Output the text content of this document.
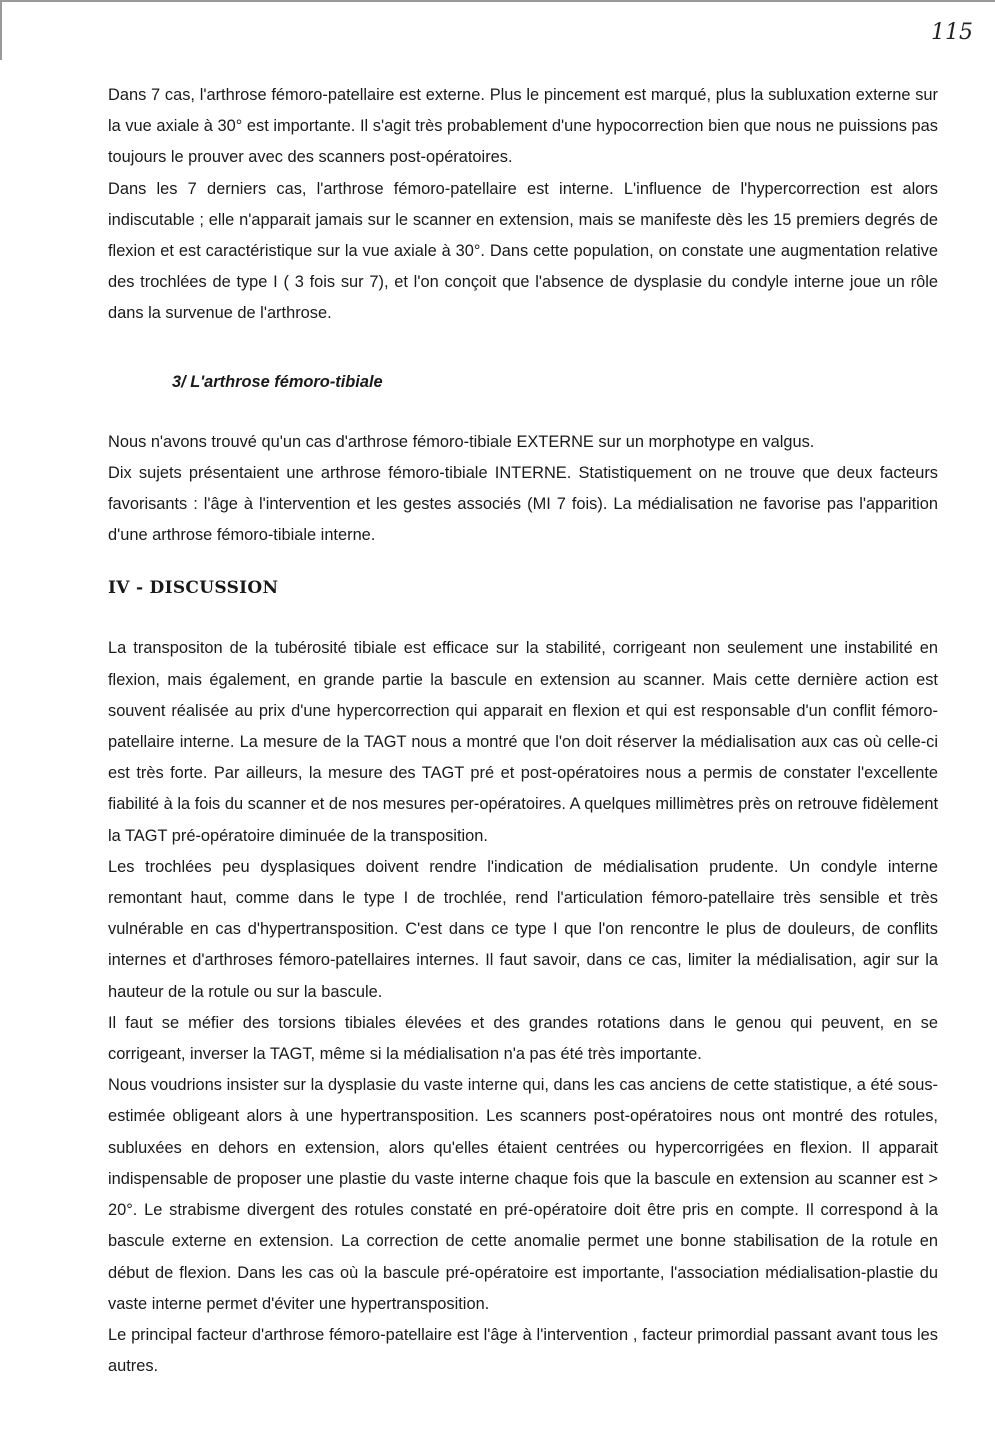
115

Dans 7 cas, l'arthrose fémoro-patellaire est externe. Plus le pincement est marqué, plus la subluxation externe sur la vue axiale à 30° est importante. Il s'agit très probablement d'une hypocorrection bien que nous ne puissions pas toujours le prouver avec des scanners post-opératoires.

Dans les 7 derniers cas, l'arthrose fémoro-patellaire est interne. L'influence de l'hypercorrection est alors indiscutable ; elle n'apparait jamais sur le scanner en extension, mais se manifeste dès les 15 premiers degrés de flexion et est caractéristique sur la vue axiale à 30°. Dans cette population, on constate une augmentation relative des trochlées de type I ( 3 fois sur 7), et l'on conçoit que l'absence de dysplasie du condyle interne joue un rôle dans la survenue de l'arthrose.

3/ L'arthrose fémoro-tibiale

Nous n'avons trouvé qu'un cas d'arthrose fémoro-tibiale EXTERNE sur un morphotype en valgus.

Dix sujets présentaient une arthrose fémoro-tibiale INTERNE. Statistiquement on ne trouve que deux facteurs favorisants : l'âge à l'intervention et les gestes associés (MI 7 fois). La médialisation ne favorise pas l'apparition d'une arthrose fémoro-tibiale interne.

IV - DISCUSSION

La transpositon de la tubérosité tibiale est efficace sur la stabilité, corrigeant non seulement une instabilité en flexion, mais également, en grande partie la bascule en extension au scanner. Mais cette dernière action est souvent réalisée au prix d'une hypercorrection qui apparait en flexion et qui est responsable d'un conflit fémoro- patellaire interne. La mesure de la TAGT nous a montré que l'on doit réserver la médialisation aux cas où celle-ci est très forte. Par ailleurs, la mesure des TAGT pré et post-opératoires nous a permis de constater l'excellente fiabilité à la fois du scanner et de nos mesures per-opératoires. A quelques millimètres près on retrouve fidèlement la TAGT pré-opératoire diminuée de la transposition.

Les trochlées peu dysplasiques doivent rendre l'indication de médialisation prudente. Un condyle interne remontant haut, comme dans le type I de trochlée, rend l'articulation fémoro-patellaire très sensible et très vulnérable en cas d'hypertransposition. C'est dans ce type I que l'on rencontre le plus de douleurs, de conflits internes et d'arthroses fémoro-patellaires internes. Il faut savoir, dans ce cas, limiter la médialisation, agir sur la hauteur de la rotule ou sur la bascule.

Il faut se méfier des torsions tibiales élevées et des grandes rotations dans le genou qui peuvent, en se corrigeant, inverser la TAGT, même si la médialisation n'a pas été très importante.

Nous voudrions insister sur la dysplasie du vaste interne qui, dans les cas anciens de cette statistique, a été sous-estimée obligeant alors à une hypertransposition. Les scanners post-opératoires nous ont montré des rotules, subluxées en dehors en extension, alors qu'elles étaient centrées ou hypercorrigées en flexion. Il apparait indispensable de proposer une plastie du vaste interne chaque fois que la bascule en extension au scanner est > 20°. Le strabisme divergent des rotules constaté en pré-opératoire doit être pris en compte. Il correspond à la bascule externe en extension. La correction de cette anomalie permet une bonne stabilisation de la rotule en début de flexion. Dans les cas où la bascule pré-opératoire est importante, l'association médialisation-plastie du vaste interne permet d'éviter une hypertransposition.

Le principal facteur d'arthrose fémoro-patellaire est l'âge à l'intervention , facteur primordial passant avant tous les autres.
